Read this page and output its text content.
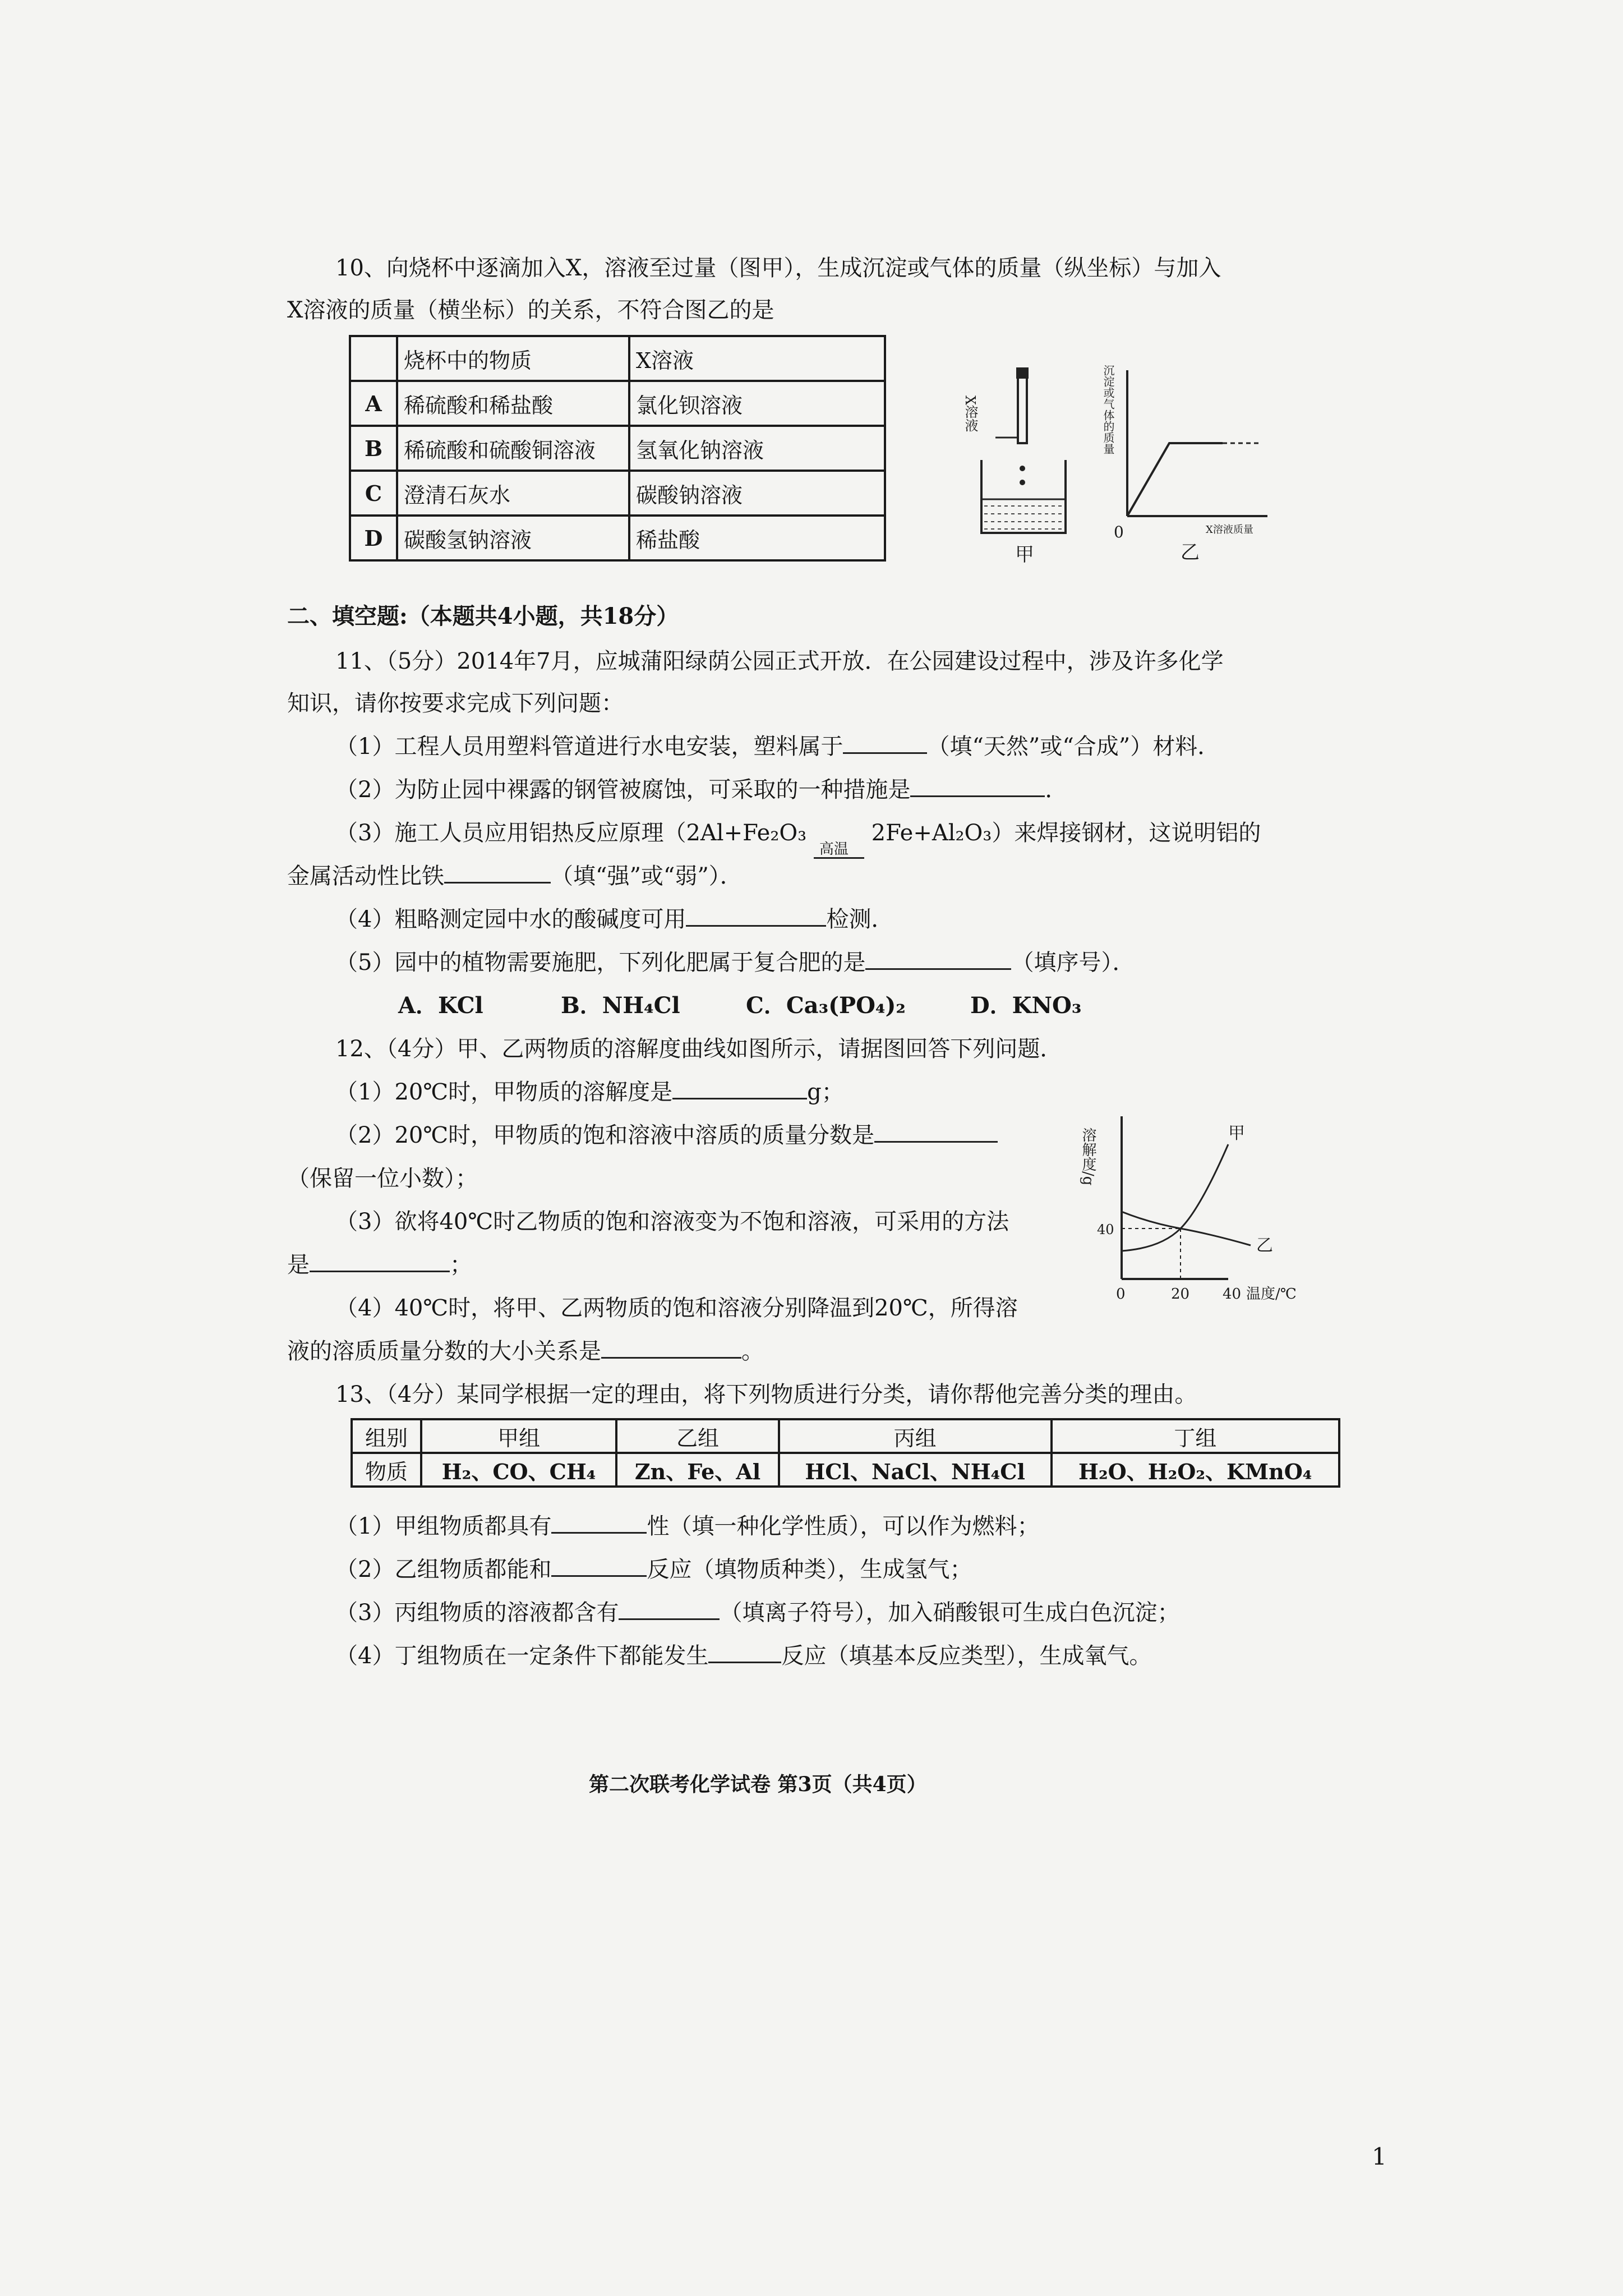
10、向烧杯中逐滴加入X，溶液至过量（图甲），生成沉淀或气体的质量（纵坐标）与加入
X溶液的质量（横坐标）的关系，不符合图乙的是
	烧杯中的物质	X溶液
A	稀硫酸和稀盐酸	氯化钡溶液
B	稀硫酸和硫酸铜溶液	氢氧化钠溶液
C	澄清石灰水	碳酸钠溶液
D	碳酸氢钠溶液	稀盐酸
X溶液
甲
沉淀或气体的质量
0	X溶液质量
乙
二、填空题:（本题共4小题，共18分）
11、（5分）2014年7月，应城蒲阳绿荫公园正式开放．在公园建设过程中，涉及许多化学
知识，请你按要求完成下列问题：
（1）工程人员用塑料管道进行水电安装，塑料属于	（填“天然”或“合成”）材料．
（2）为防止园中裸露的钢管被腐蚀，可采取的一种措施是	．
（3）施工人员应用铝热反应原理（2Al+Fe₂O₃
高温
2Fe+Al₂O₃）来焊接钢材，这说明铝的
金属活动性比铁	（填“强”或“弱”）．
（4）粗略测定园中水的酸碱度可用	检测．
（5）园中的植物需要施肥，下列化肥属于复合肥的是	（填序号）．
A．KCl	B．NH₄Cl	C．Ca₃(PO₄)₂	D．KNO₃
12、（4分）甲、乙两物质的溶解度曲线如图所示，请据图回答下列问题．
（1）20℃时，甲物质的溶解度是	g；
（2）20℃时，甲物质的饱和溶液中溶质的质量分数是
（保留一位小数）；
（3）欲将40℃时乙物质的饱和溶液变为不饱和溶液，可采用的方法
是	；
（4）40℃时，将甲、乙两物质的饱和溶液分别降温到20℃，所得溶
液的溶质质量分数的大小关系是	。
溶解度/g	甲
乙
40
0	20 40 温度/℃
13、（4分）某同学根据一定的理由，将下列物质进行分类，请你帮他完善分类的理由。
组别	甲组	乙组	丙组	丁组
物质	H₂、CO、CH₄	Zn、Fe、Al	HCl、NaCl、NH₄Cl	H₂O、H₂O₂、KMnO₄
（1）甲组物质都具有	性（填一种化学性质），可以作为燃料；
（2）乙组物质都能和	反应（填物质种类），生成氢气；
（3）丙组物质的溶液都含有	（填离子符号），加入硝酸银可生成白色沉淀；
（4）丁组物质在一定条件下都能发生	反应（填基本反应类型），生成氧气。
第二次联考化学试卷 第3页（共4页）
1
